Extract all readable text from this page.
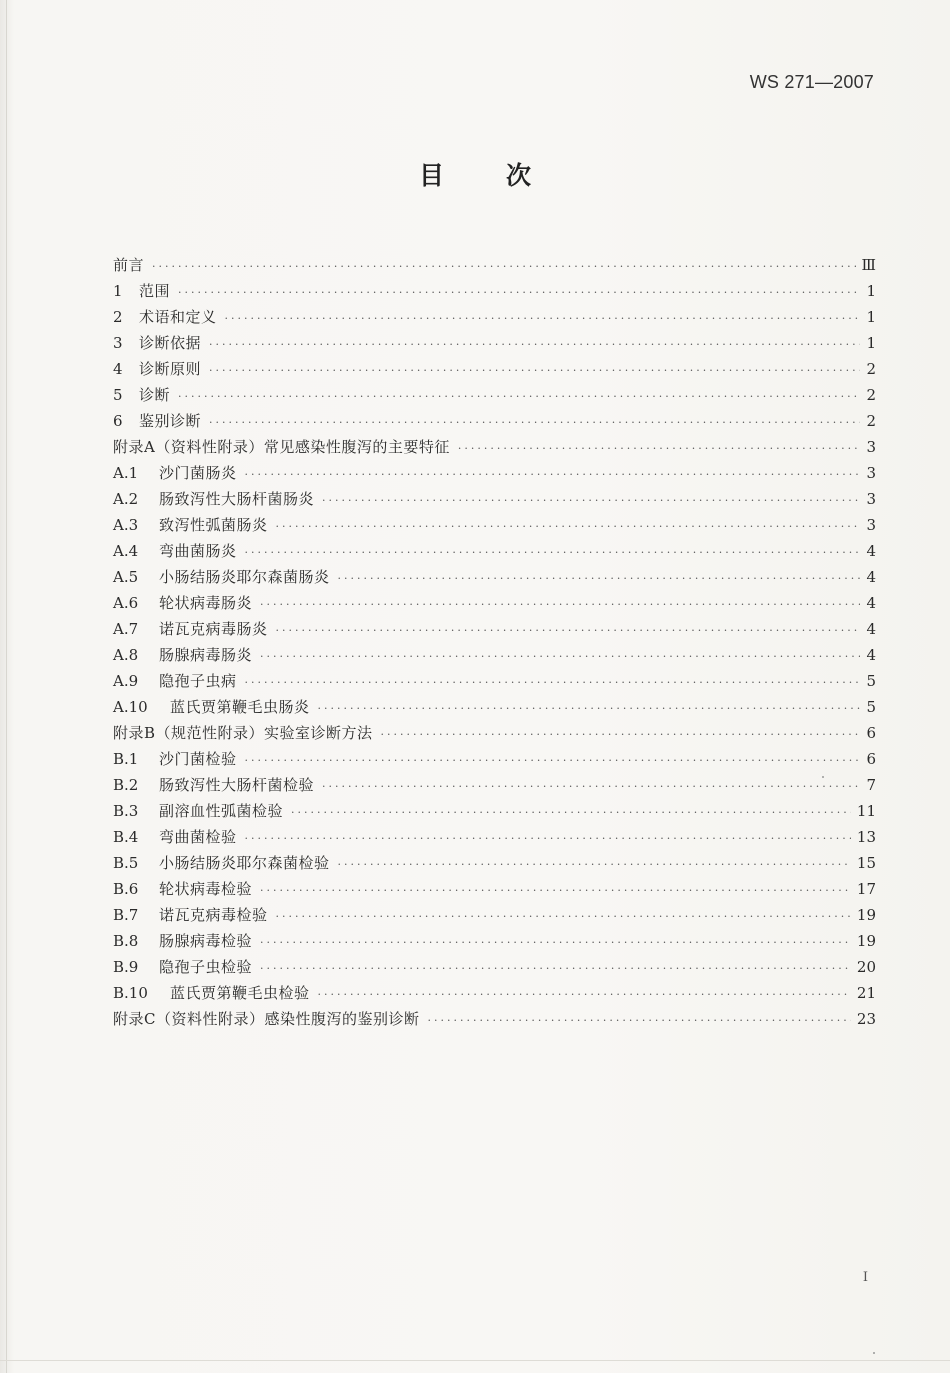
WS 271—2007
目次
前言 ·····	Ⅲ
1	范围 ·····	1
2	术语和定义 ·····	1
3	诊断依据 ·····	1
4	诊断原则 ·····	2
5	诊断 ·····	2
6	鉴别诊断 ·····	2
附录A（资料性附录）常见感染性腹泻的主要特征 ·····	3
A.1	沙门菌肠炎 ·····	3
A.2	肠致泻性大肠杆菌肠炎 ·····	3
A.3	致泻性弧菌肠炎 ·····	3
A.4	弯曲菌肠炎 ·····	4
A.5	小肠结肠炎耶尔森菌肠炎 ·····	4
A.6	轮状病毒肠炎 ·····	4
A.7	诺瓦克病毒肠炎 ·····	4
A.8	肠腺病毒肠炎 ·····	4
A.9	隐孢子虫病 ·····	5
A.10	蓝氏贾第鞭毛虫肠炎 ·····	5
附录B（规范性附录）实验室诊断方法 ·····	6
B.1	沙门菌检验 ·····	6
B.2	肠致泻性大肠杆菌检验 ·····	7
B.3	副溶血性弧菌检验 ·····	11
B.4	弯曲菌检验 ·····	13
B.5	小肠结肠炎耶尔森菌检验 ·····	15
B.6	轮状病毒检验 ·····	17
B.7	诺瓦克病毒检验 ·····	19
B.8	肠腺病毒检验 ·····	19
B.9	隐孢子虫检验 ·····	20
B.10	蓝氏贾第鞭毛虫检验 ·····	21
附录C（资料性附录）感染性腹泻的鉴别诊断 ·····	23
I
